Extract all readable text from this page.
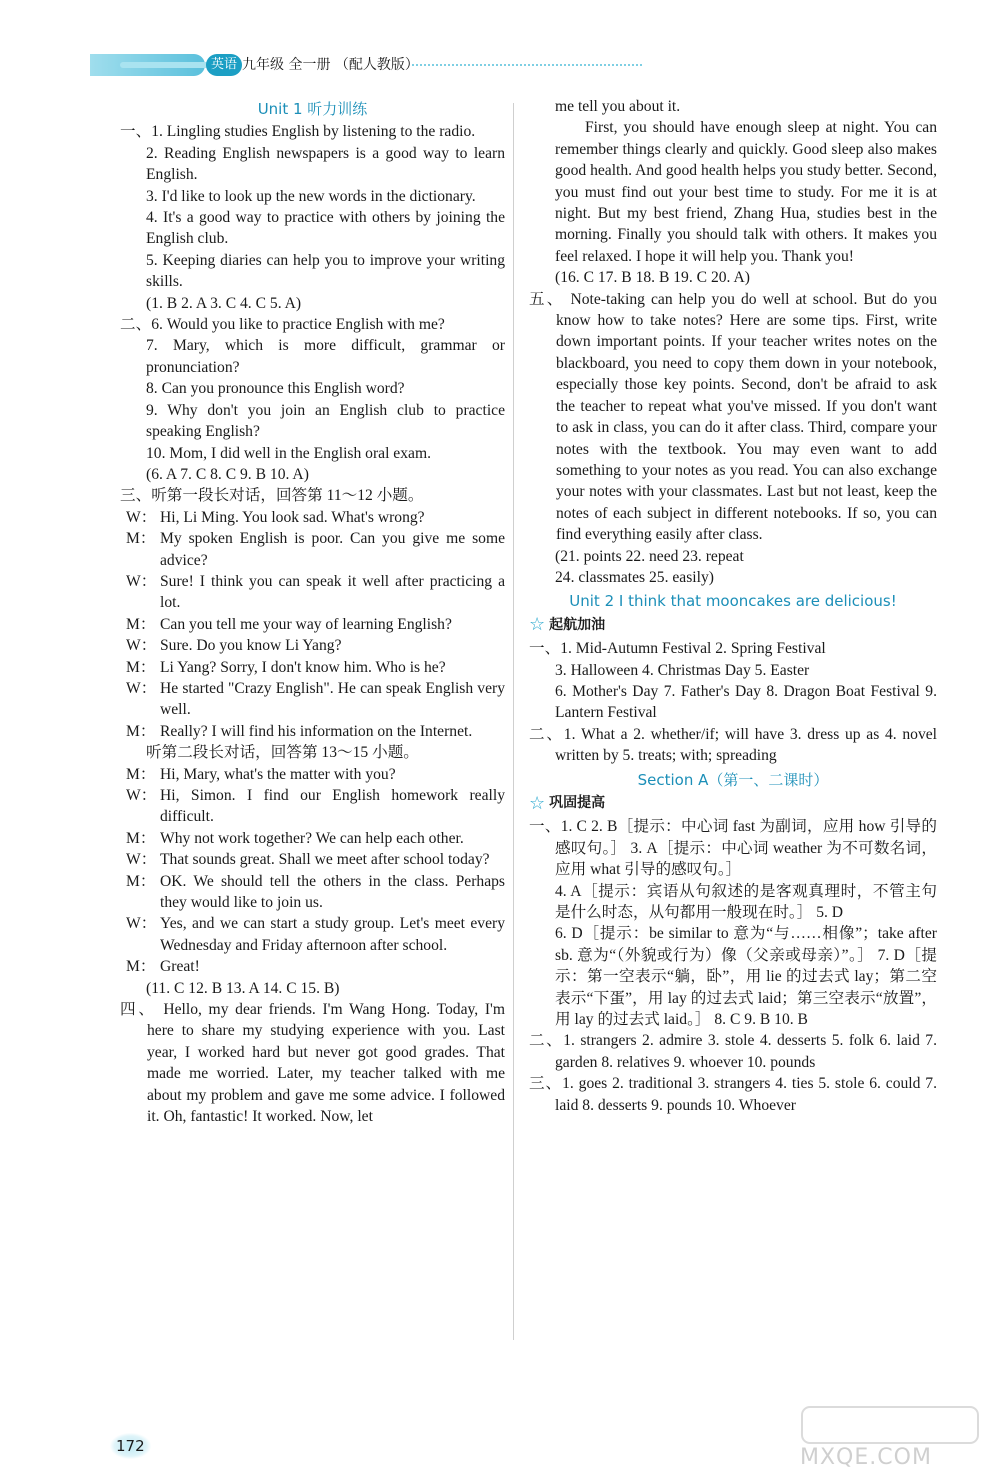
英语 九年级 全一册 （配人教版）

Unit 1 听力训练

一、1. Lingling studies English by listening to the radio.

2. Reading English newspapers is a good way to learn English.

3. I'd like to look up the new words in the dictionary.

4. It's a good way to practice with others by joining the English club.

5. Keeping diaries can help you to improve your writing skills.

(1. B 2. A 3. C 4. C 5. A)

二、6. Would you like to practice English with me?

7. Mary, which is more difficult, grammar or pronunciation?

8. Can you pronounce this English word?

9. Why don't you join an English club to practice speaking English?

10. Mom, I did well in the English oral exam.

(6. A 7. C 8. C 9. B 10. A)

三、听第一段长对话，回答第 11～12 小题。

W： Hi, Li Ming. You look sad. What's wrong?

M： My spoken English is poor. Can you give me some advice?

W： Sure! I think you can speak it well after practicing a lot.

M： Can you tell me your way of learning English?

W： Sure. Do you know Li Yang?

M： Li Yang? Sorry, I don't know him. Who is he?

W： He started "Crazy English". He can speak English very well.

M： Really? I will find his information on the Internet.

听第二段长对话，回答第 13～15 小题。

M： Hi, Mary, what's the matter with you?

W： Hi, Simon. I find our English homework really difficult.

M： Why not work together? We can help each other.

W： That sounds great. Shall we meet after school today?

M： OK. We should tell the others in the class. Perhaps they would like to join us.

W： Yes, and we can start a study group. Let's meet every Wednesday and Friday afternoon after school.

M： Great!

(11. C 12. B 13. A 14. C 15. B)

四、 Hello, my dear friends. I'm Wang Hong. Today, I'm here to share my studying experience with you. Last year, I worked hard but never got good grades. That made me worried. Later, my teacher talked with me about my problem and gave me some advice. I followed it. Oh, fantastic! It worked. Now, let

me tell you about it.

First, you should have enough sleep at night. You can remember things clearly and quickly. Good sleep also makes good health. And good health helps you study better. Second, you must find out your best time to study. For me it is at night. But my best friend, Zhang Hua, studies best in the morning. Finally you should talk with others. It makes you feel relaxed. I hope it will help you. Thank you!

(16. C 17. B 18. B 19. C 20. A)

五、 Note-taking can help you do well at school. But do you know how to take notes? Here are some tips. First, write down important points. If your teacher writes notes on the blackboard, you need to copy them down in your notebook, especially those key points. Second, don't be afraid to ask the teacher to repeat what you've missed. If you don't want to ask in class, you can do it after class. Third, compare your notes with the textbook. You may even want to add something to your notes as you read. You can also exchange your notes with your classmates. Last but not least, keep the notes of each subject in different notebooks. If so, you can find everything easily after class.

(21. points 22. need 23. repeat

24. classmates 25. easily)

Unit 2 I think that mooncakes are delicious!

☆ 起航加油

一、1. Mid-Autumn Festival 2. Spring Festival

3. Halloween 4. Christmas Day 5. Easter

6. Mother's Day 7. Father's Day 8. Dragon Boat Festival 9. Lantern Festival

二、1. What a 2. whether/if; will have 3. dress up as 4. novel written by 5. treats; with; spreading

Section A（第一、二课时）

☆ 巩固提高

一、1. C 2. B［提示：中心词 fast 为副词，应用 how 引导的感叹句。］ 3. A［提示：中心词 weather 为不可数名词，应用 what 引导的感叹句。］

4. A［提示：宾语从句叙述的是客观真理时，不管主句是什么时态，从句都用一般现在时。］ 5. D

6. D［提示：be similar to 意为“与……相像”；take after sb. 意为“（外貌或行为）像（父亲或母亲）”。］ 7. D［提示：第一空表示“躺，卧”，用 lie 的过去式 lay；第二空表示“下蛋”，用 lay 的过去式 laid；第三空表示“放置”，用 lay 的过去式 laid。］ 8. C 9. B 10. B

二、1. strangers 2. admire 3. stole 4. desserts 5. folk 6. laid 7. garden 8. relatives 9. whoever 10. pounds

三、1. goes 2. traditional 3. strangers 4. ties 5. stole 6. could 7. laid 8. desserts 9. pounds 10. Whoever

172	MXQE.COM
